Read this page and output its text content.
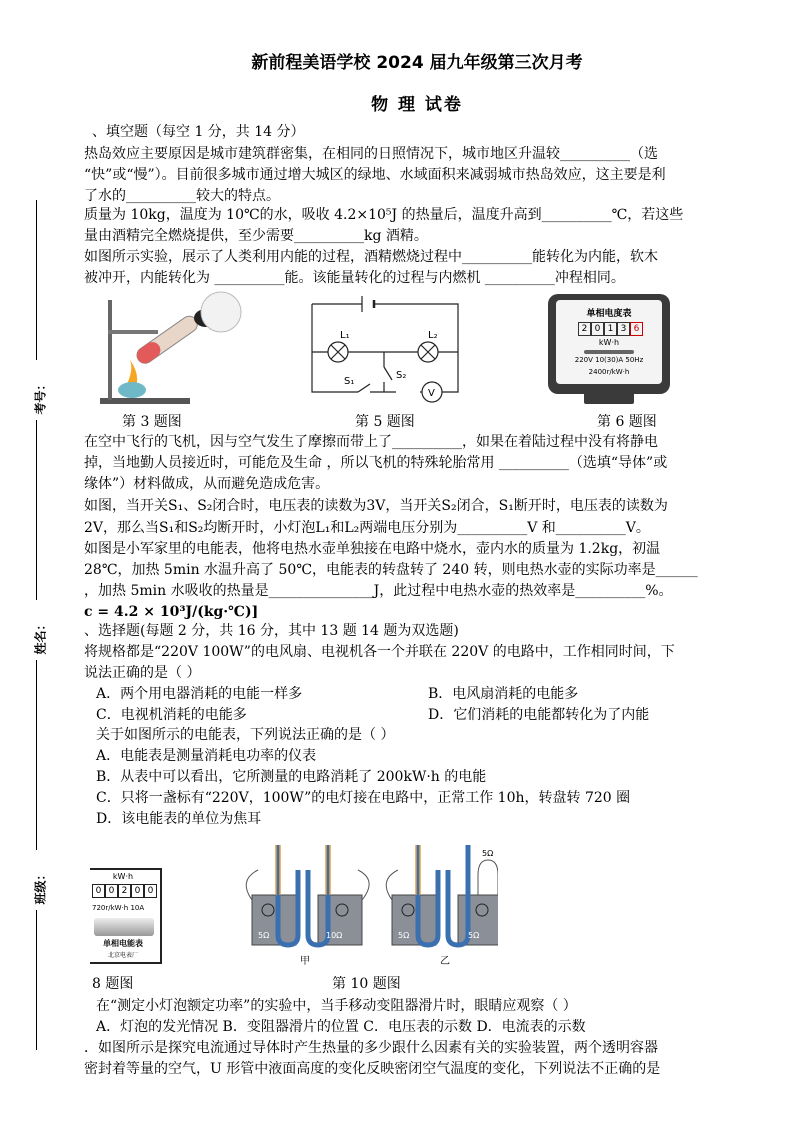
新前程美语学校 2024 届九年级第三次月考
物 理 试卷
考号：
姓名：
班级：
、填空题（每空 1 分，共 14 分）
热岛效应主要原因是城市建筑群密集，在相同的日照情况下，城市地区升温较__________（选
“快”或“慢”）。目前很多城市通过增大城区的绿地、水域面积来减弱城市热岛效应，这主要是利
了水的__________较大的特点。
质量为 10kg，温度为 10℃的水，吸收 4.2×10⁵J 的热量后，温度升高到__________℃，若这些
量由酒精完全燃烧提供，至少需要__________kg 酒精。
如图所示实验，展示了人类利用内能的过程，酒精燃烧过程中__________能转化为内能，软木
被冲开，内能转化为 __________能。该能量转化的过程与内燃机 __________冲程相同。
L₁	L₂
S₁
S₂
V
单相电度表
2 0 1 3 6
kW·h
220V 10(30)A 50Hz
2400r/kW·h
第 3 题图	第 5 题图	第 6 题图
在空中飞行的飞机，因与空气发生了摩擦而带上了__________，如果在着陆过程中没有将静电
掉，当地勤人员接近时，可能危及生命 ，所以飞机的特殊轮胎常用 __________（选填“导体”或
缘体”）材料做成，从而避免造成危害。
如图，当开关S₁、S₂闭合时，电压表的读数为3V，当开关S₂闭合，S₁断开时，电压表的读数为
2V，那么当S₁和S₂均断开时，小灯泡L₁和L₂两端电压分别为__________V 和__________V。
如图是小军家里的电能表，他将电热水壶单独接在电路中烧水，壶内水的质量为 1.2kg，初温
28℃，加热 5min 水温升高了 50℃，电能表的转盘转了 240 转，则电热水壶的实际功率是______
，加热 5min 水吸收的热量是_______________J，此过程中电热水壶的热效率是__________%。
c = 4.2 × 10³J/(kg·℃)]
、选择题(每题 2 分，共 16 分，其中 13 题 14 题为双选题)
将规格都是“220V 100W”的电风扇、电视机各一个并联在 220V 的电路中，工作相同时间，下
说法正确的是（ ）
A．两个用电器消耗的电能一样多	B．电风扇消耗的电能多
C．电视机消耗的电能多	D．它们消耗的电能都转化为了内能
关于如图所示的电能表，下列说法正确的是（ ）
A．电能表是测量消耗电功率的仪表
B．从表中可以看出，它所测量的电路消耗了 200kW·h 的电能
C．只将一盏标有“220V，100W”的电灯接在电路中，正常工作 10h，转盘转 720 圈
D．该电能表的单位为焦耳
kW·h
0 0 2 0 0
720r/kW·h 10A
单相电能表
北京电表厂
5Ω	10Ω
甲
5Ω	5Ω
5Ω
乙
8 题图	第 10 题图
在“测定小灯泡额定功率”的实验中，当手移动变阻器滑片时，眼睛应观察（ ）
A．灯泡的发光情况 B．变阻器滑片的位置 C．电压表的示数 D．电流表的示数
．如图所示是探究电流通过导体时产生热量的多少跟什么因素有关的实验装置，两个透明容器
密封着等量的空气，U 形管中液面高度的变化反映密闭空气温度的变化，下列说法不正确的是
